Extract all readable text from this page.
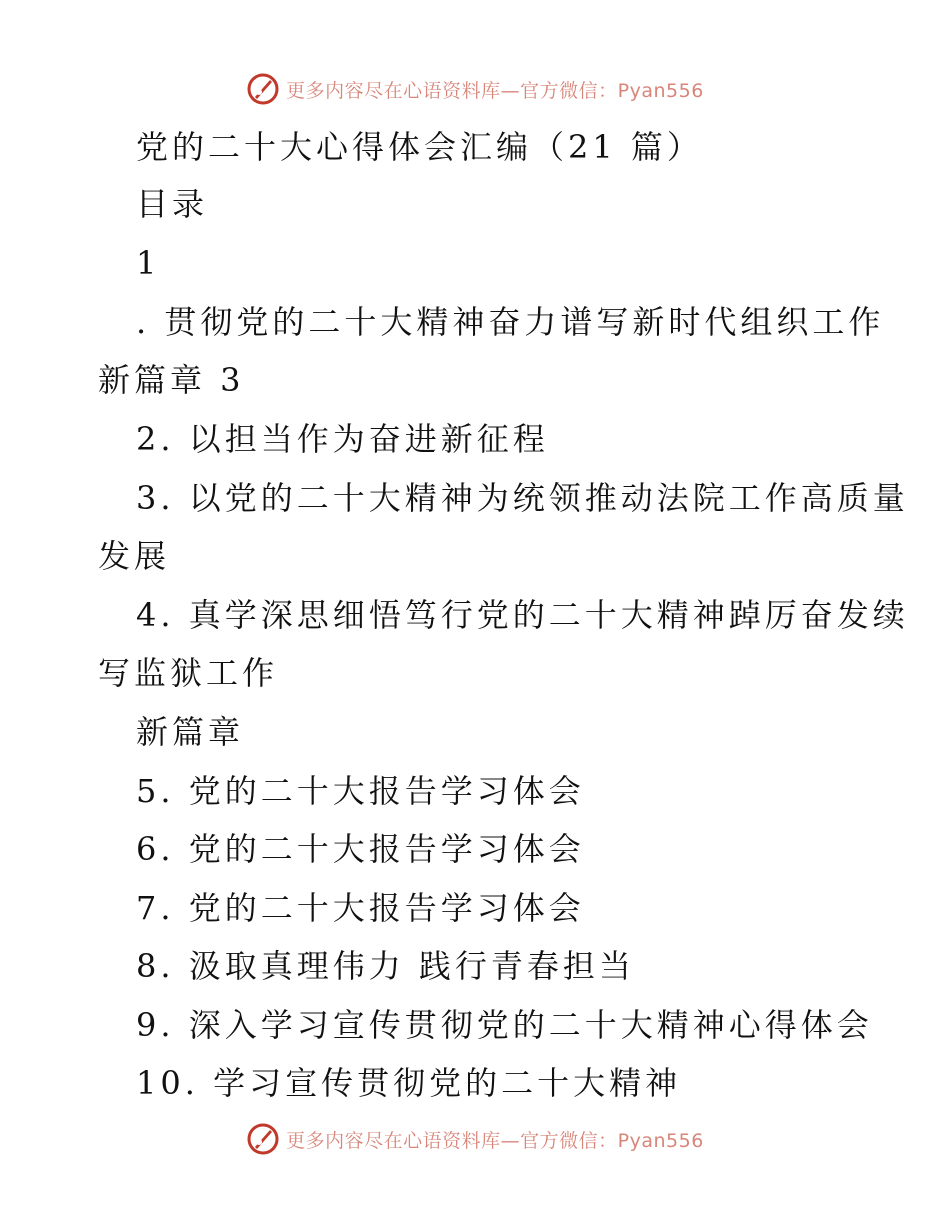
更多内容尽在心语资料库—官方微信：Pyan556
党的二十大心得体会汇编（21 篇）
目录
1
. 贯彻党的二十大精神奋力谱写新时代组织工作
新篇章 3
2. 以担当作为奋进新征程
3. 以党的二十大精神为统领推动法院工作高质量
发展
4. 真学深思细悟笃行党的二十大精神踔厉奋发续
写监狱工作
新篇章
5. 党的二十大报告学习体会
6. 党的二十大报告学习体会
7. 党的二十大报告学习体会
8. 汲取真理伟力 践行青春担当
9. 深入学习宣传贯彻党的二十大精神心得体会
10. 学习宣传贯彻党的二十大精神
更多内容尽在心语资料库—官方微信：Pyan556
